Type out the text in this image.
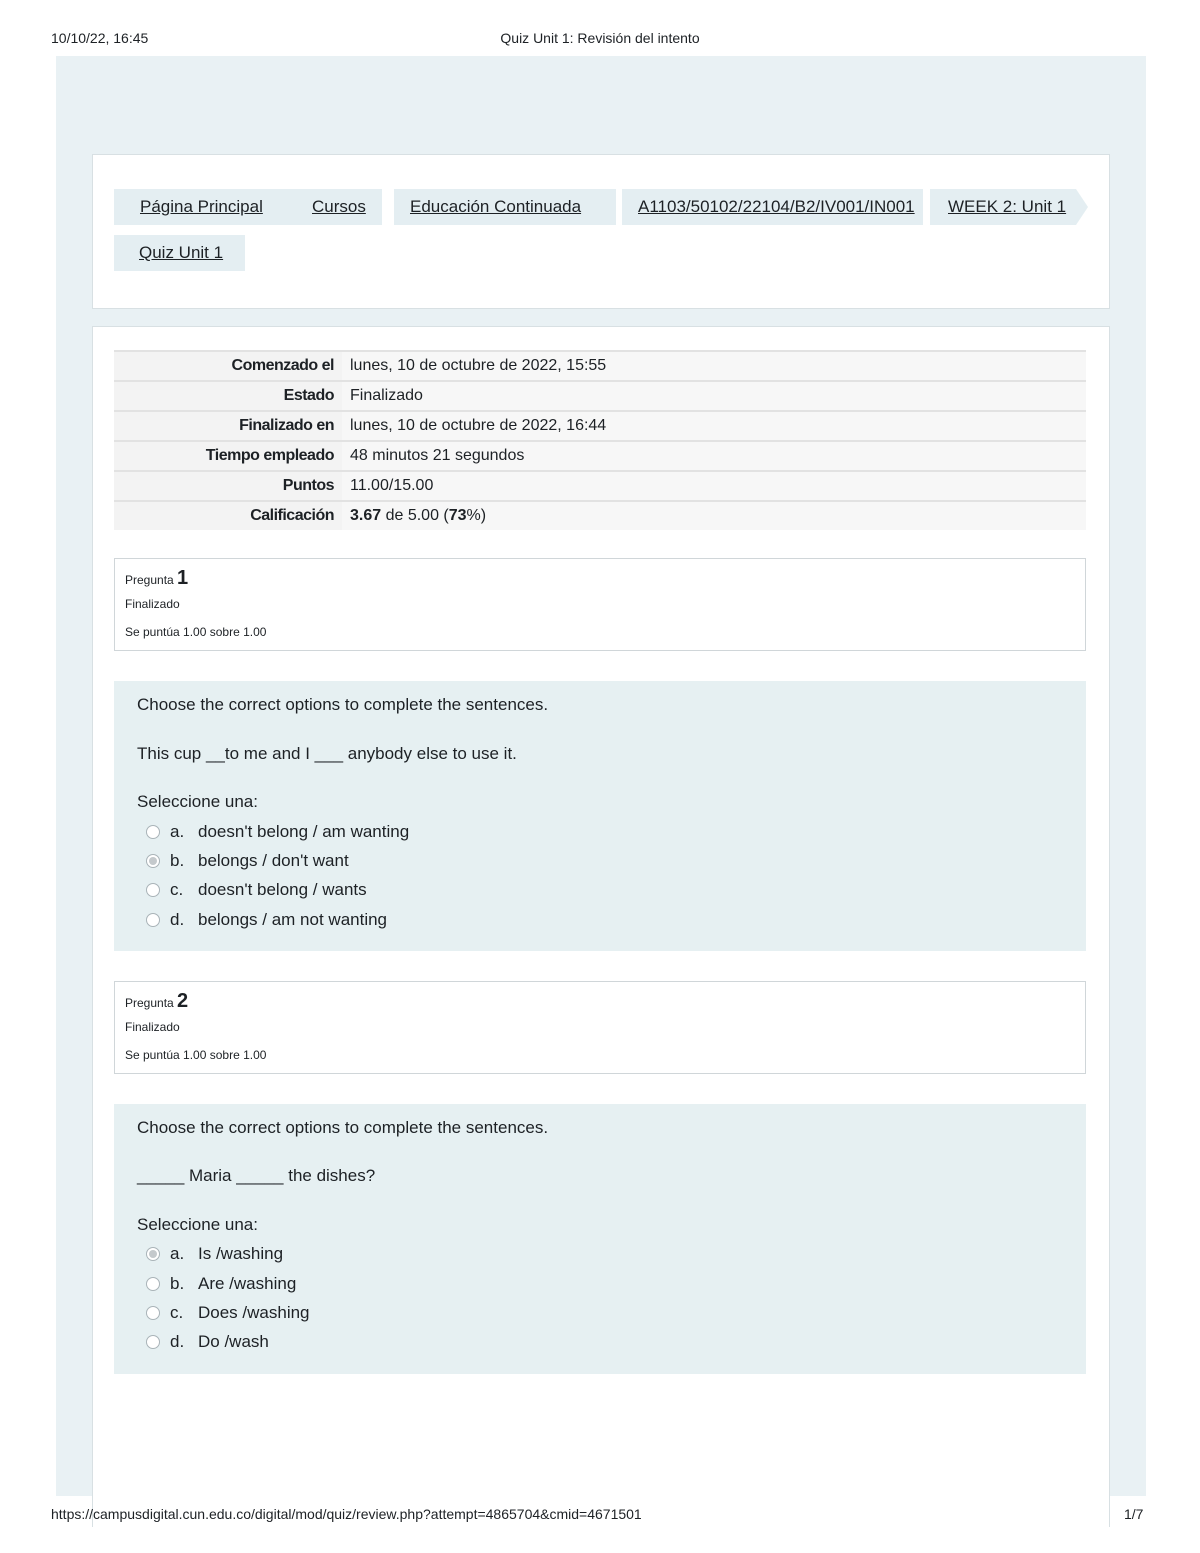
10/10/22, 16:45	Quiz Unit 1: Revisión del intento
Página Principal	Cursos	Educación Continuada	A1103/50102/22104/B2/IV001/IN001	WEEK 2: Unit 1
Quiz Unit 1
Comenzado el	lunes, 10 de octubre de 2022, 15:55
Estado	Finalizado
Finalizado en	lunes, 10 de octubre de 2022, 16:44
Tiempo empleado	48 minutos 21 segundos
Puntos	11.00/15.00
Calificación	3.67 de 5.00 (73%)
Pregunta 1
Finalizado
Se puntúa 1.00 sobre 1.00
Choose the correct options to complete the sentences.
This cup __to me and I ___ anybody else to use it.
Seleccione una:
a. doesn't belong / am wanting
b. belongs / don't want
c. doesn't belong / wants
d. belongs / am not wanting
Pregunta 2
Finalizado
Se puntúa 1.00 sobre 1.00
Choose the correct options to complete the sentences.
_____ Maria _____ the dishes?
Seleccione una:
a. Is /washing
b. Are /washing
c. Does /washing
d. Do /wash
https://campusdigital.cun.edu.co/digital/mod/quiz/review.php?attempt=4865704&cmid=4671501	1/7
